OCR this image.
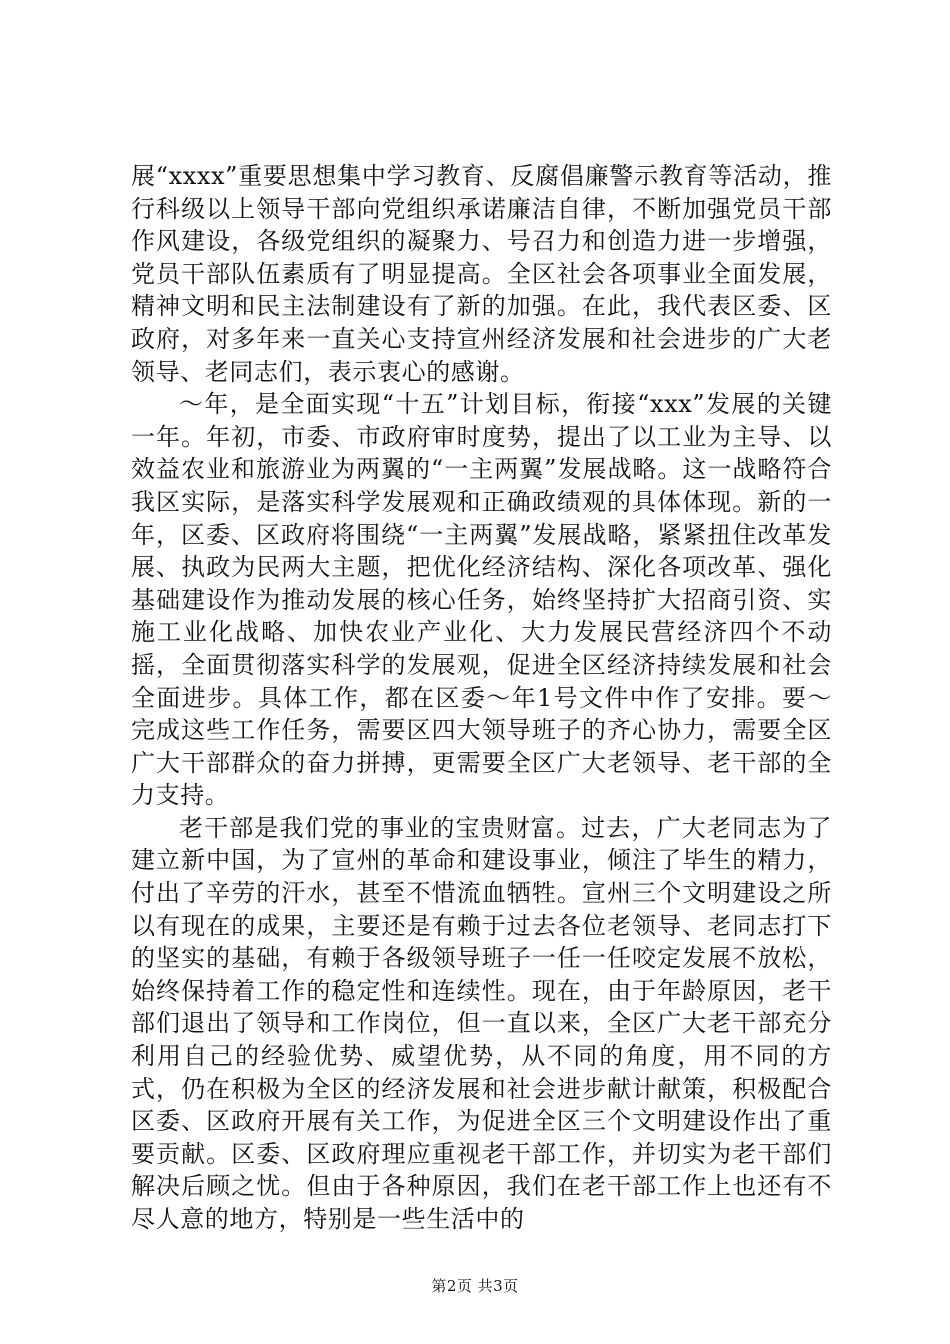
展“xxxx”重要思想集中学习教育、反腐倡廉警示教育等活动，推行科级以上领导干部向党组织承诺廉洁自律，不断加强党员干部作风建设，各级党组织的凝聚力、号召力和创造力进一步增强，党员干部队伍素质有了明显提高。全区社会各项事业全面发展，精神文明和民主法制建设有了新的加强。在此，我代表区委、区政府，对多年来一直关心支持宣州经济发展和社会进步的广大老领导、老同志们，表示衷心的感谢。

～年，是全面实现“十五”计划目标，衔接“xxx”发展的关键一年。年初，市委、市政府审时度势，提出了以工业为主导、以效益农业和旅游业为两翼的“一主两翼”发展战略。这一战略符合我区实际，是落实科学发展观和正确政绩观的具体体现。新的一年，区委、区政府将围绕“一主两翼”发展战略，紧紧扭住改革发展、执政为民两大主题，把优化经济结构、深化各项改革、强化基础建设作为推动发展的核心任务，始终坚持扩大招商引资、实施工业化战略、加快农业产业化、大力发展民营经济四个不动摇，全面贯彻落实科学的发展观，促进全区经济持续发展和社会全面进步。具体工作，都在区委～年1号文件中作了安排。要～完成这些工作任务，需要区四大领导班子的齐心协力，需要全区广大干部群众的奋力拼搏，更需要全区广大老领导、老干部的全力支持。

老干部是我们党的事业的宝贵财富。过去，广大老同志为了建立新中国，为了宣州的革命和建设事业，倾注了毕生的精力，付出了辛劳的汗水，甚至不惜流血牺牲。宣州三个文明建设之所以有现在的成果，主要还是有赖于过去各位老领导、老同志打下的坚实的基础，有赖于各级领导班子一任一任咬定发展不放松，始终保持着工作的稳定性和连续性。现在，由于年龄原因，老干部们退出了领导和工作岗位，但一直以来，全区广大老干部充分利用自己的经验优势、威望优势，从不同的角度，用不同的方式，仍在积极为全区的经济发展和社会进步献计献策，积极配合区委、区政府开展有关工作，为促进全区三个文明建设作出了重要贡献。区委、区政府理应重视老干部工作，并切实为老干部们解决后顾之忧。但由于各种原因，我们在老干部工作上也还有不尽人意的地方，特别是一些生活中的

第2页 共3页
